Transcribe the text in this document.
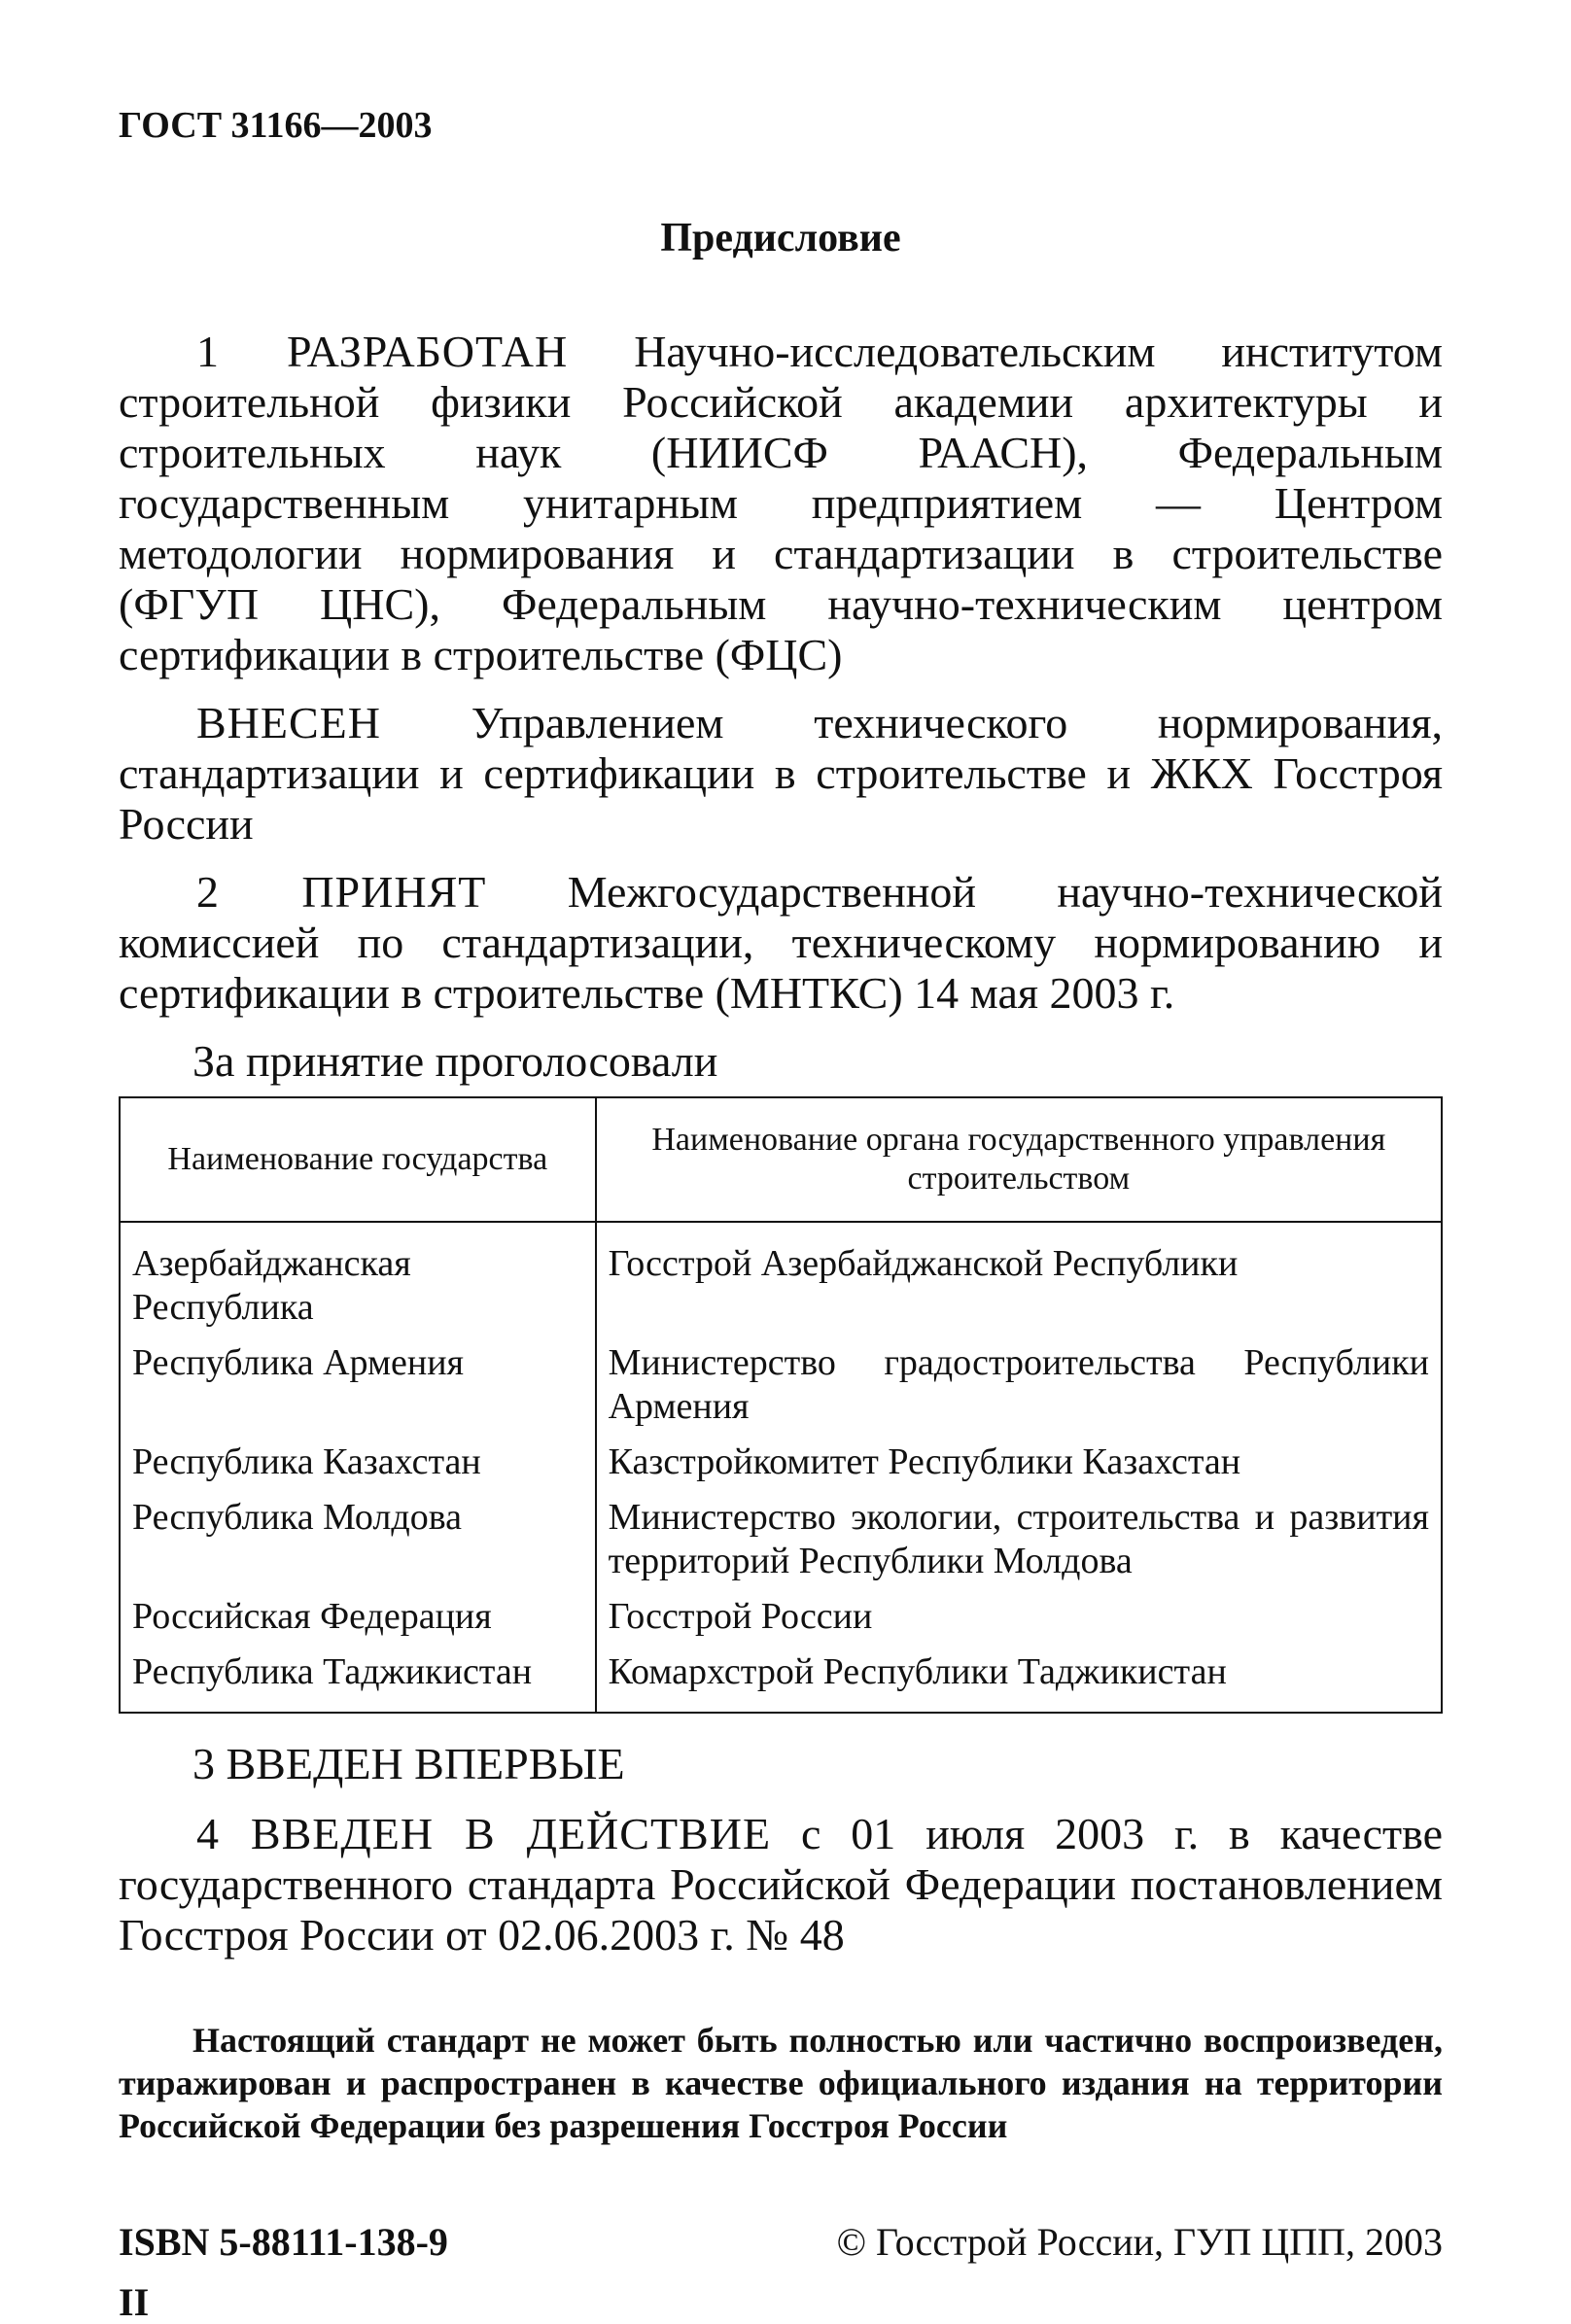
ГОСТ 31166—2003

Предисловие

1 РАЗРАБОТАН Научно-исследовательским институтом строительной физики Российской академии архитектуры и строительных наук (НИИСФ РААСН), Федеральным государственным унитарным предприятием — Центром методологии нормирования и стандартизации в строительстве (ФГУП ЦНС), Федеральным научно-техническим центром сертификации в строительстве (ФЦС)

ВНЕСЕН Управлением технического нормирования, стандартизации и сертификации в строительстве и ЖКХ Госстроя России

2 ПРИНЯТ Межгосударственной научно-технической комиссией по стандартизации, техническому нормированию и сертификации в строительстве (МНТКС) 14 мая 2003 г.

За принятие проголосовали

Наименование государства	Наименование органа государственного управления строительством
Азербайджанская Республика	Госстрой Азербайджанской Республики
Республика Армения	Министерство градостроительства Республики Армения
Республика Казахстан	Казстройкомитет Республики Казахстан
Республика Молдова	Министерство экологии, строительства и развития территорий Республики Молдова
Российская Федерация	Госстрой России
Республика Таджикистан	Комархстрой Республики Таджикистан

3 ВВЕДЕН ВПЕРВЫЕ

4 ВВЕДЕН В ДЕЙСТВИЕ с 01 июля 2003 г. в качестве государственного стандарта Российской Федерации постановлением Госстроя России от 02.06.2003 г. № 48

Настоящий стандарт не может быть полностью или частично воспроизведен, тиражирован и распространен в качестве официального издания на территории Российской Федерации без разрешения Госстроя России

ISBN 5-88111-138-9	© Госстрой России, ГУП ЦПП, 2003
II
